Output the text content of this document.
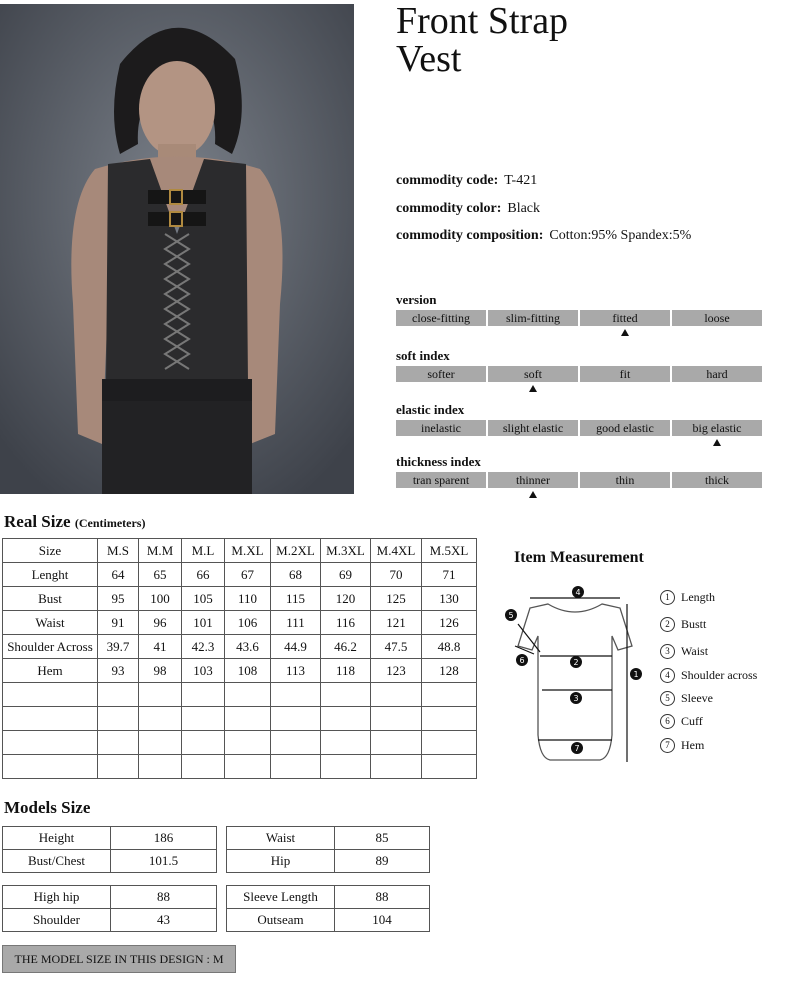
Front Strap
Vest
commodity code: T-421
commodity color: Black
commodity composition: Cotton:95% Spandex:5%
version
close-fitting	slim-fitting	fitted	loose
soft index
softer	soft	fit	hard
elastic index
inelastic	slight elastic	good elastic	big elastic
thickness index
tran sparent	thinner	thin	thick
Real Size (Centimeters)
Size	M.S	M.M	M.L	M.XL	M.2XL	M.3XL	M.4XL	M.5XL
Lenght	64	65	66	67	68	69	70	71
Bust	95	100	105	110	115	120	125	130
Waist	91	96	101	106	111	116	121	126
Shoulder Across	39.7	41	42.3	43.6	44.9	46.2	47.5	48.8
Hem	93	98	103	108	113	118	123	128

Item Measurement
4
2
3
7
1
5
6
1 Length
2 Bustt
3 Waist
4 Shoulder across
5 Sleeve
6 Cuff
7 Hem
Models Size
Height	186
Bust/Chest	101.5
Waist	85
Hip	89
High hip	88
Shoulder	43
Sleeve Length	88
Outseam	104
THE MODEL SIZE IN THIS DESIGN : M
